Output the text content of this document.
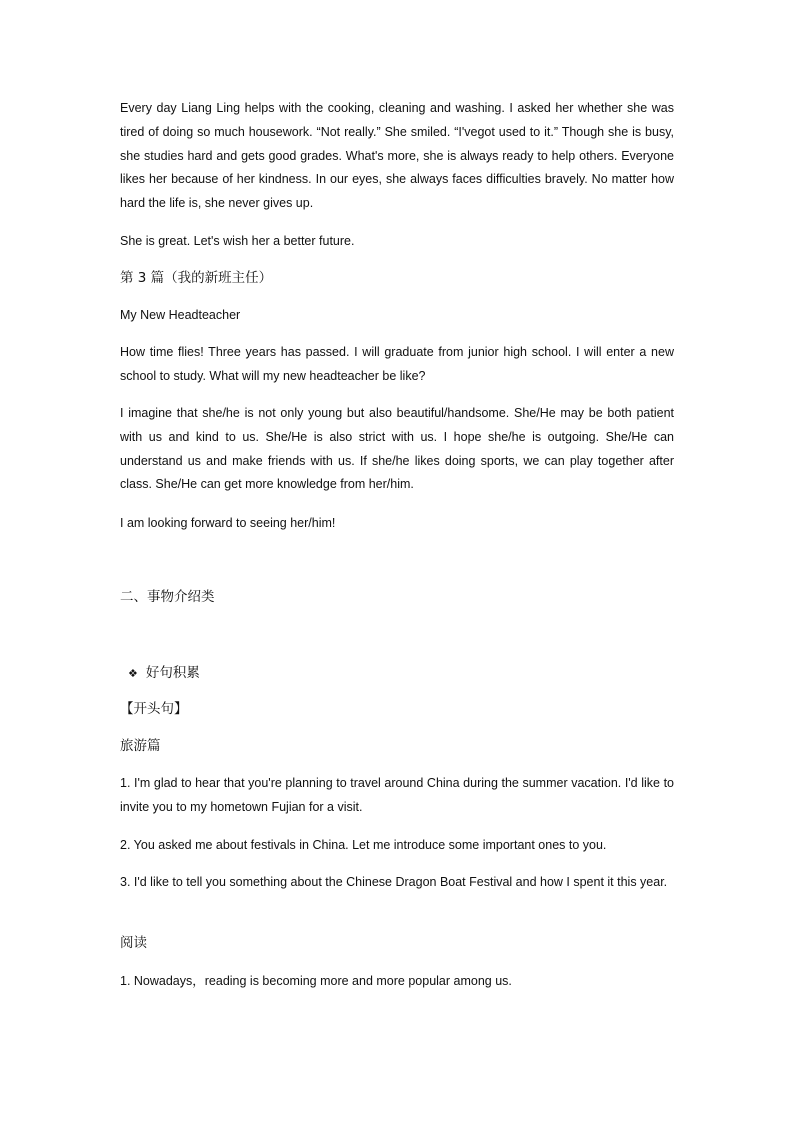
Every day Liang Ling helps with the cooking, cleaning and washing. I asked her whether she was tired of doing so much housework. “Not really.” She smiled. “I'vegot used to it.” Though she is busy, she studies hard and gets good grades. What's more, she is always ready to help others. Everyone likes her because of her kindness. In our eyes, she always faces difficulties bravely. No matter how hard the life is, she never gives up.

She is great. Let's wish her a better future.

第 3 篇（我的新班主任）

My New Headteacher

How time flies! Three years has passed. I will graduate from junior high school. I will enter a new school to study. What will my new headteacher be like?

I imagine that she/he is not only young but also beautiful/handsome. She/He may be both patient with us and kind to us. She/He is also strict with us. I hope she/he is outgoing. She/He can understand us and make friends with us. If she/he likes doing sports, we can play together after class. She/He can get more knowledge from her/him.

I am looking forward to seeing her/him!

二、事物介绍类

❖ 好句积累

【开头句】

旅游篇

1. I'm glad to hear that you're planning to travel around China during the summer vacation. I'd like to invite you to my hometown Fujian for a visit.

2. You asked me about festivals in China. Let me introduce some important ones to you.

3. I'd like to tell you something about the Chinese Dragon Boat Festival and how I spent it this year.

阅读

1. Nowadays，reading is becoming more and more popular among us.
